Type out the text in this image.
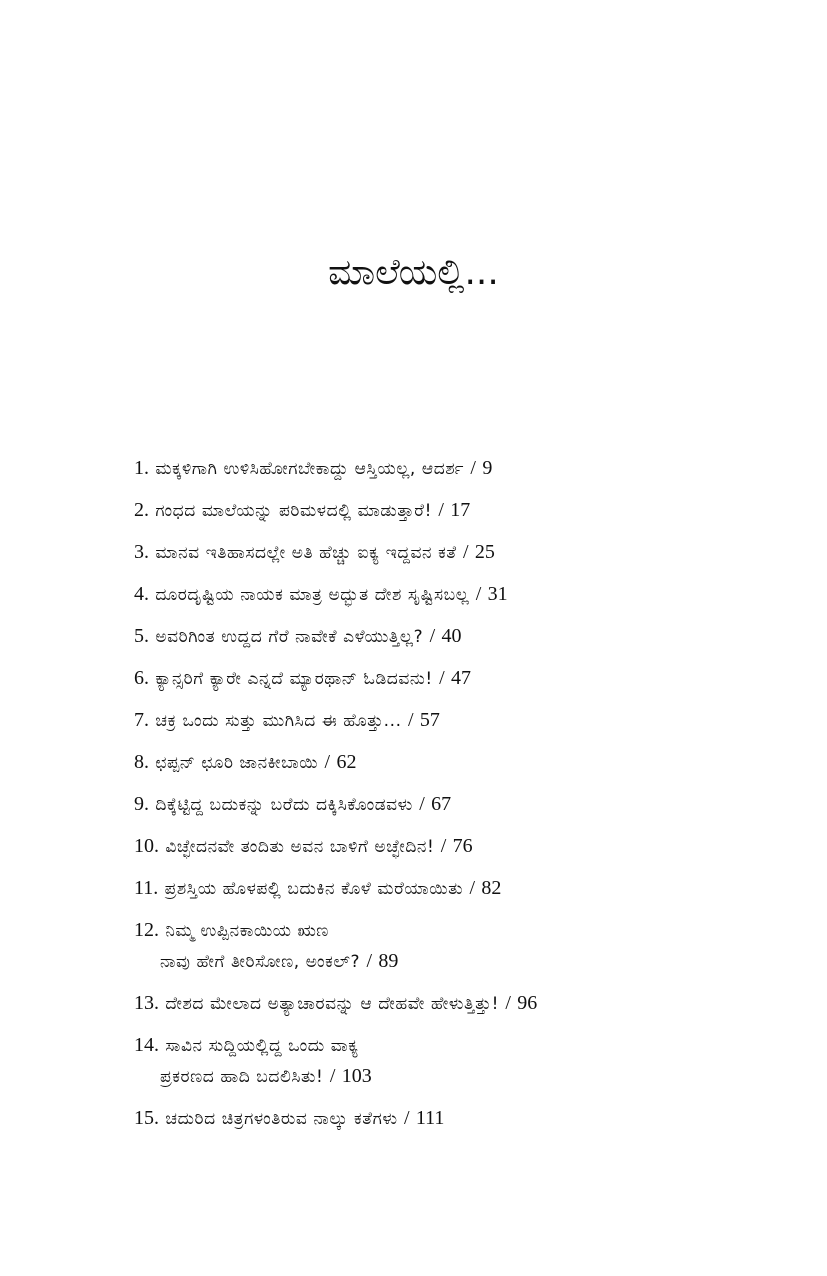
ಮಾಲೆಯಲ್ಲಿ...
1. ಮಕ್ಕಳಿಗಾಗಿ ಉಳಿಸಿಹೋಗಬೇಕಾದ್ದು ಆಸ್ತಿಯಲ್ಲ, ಆದರ್ಶ / 9
2. ಗಂಧದ ಮಾಲೆಯನ್ನು ಪರಿಮಳದಲ್ಲಿ ಮಾಡುತ್ತಾರೆ! / 17
3. ಮಾನವ ಇತಿಹಾಸದಲ್ಲೇ ಅತಿ ಹೆಚ್ಚು ಐಕ್ಯ ಇದ್ದವನ ಕತೆ / 25
4. ದೂರದೃಷ್ಟಿಯ ನಾಯಕ ಮಾತ್ರ ಅದ್ಭುತ ದೇಶ ಸೃಷ್ಟಿಸಬಲ್ಲ / 31
5. ಅವರಿಗಿಂತ ಉದ್ದದ ಗೆರೆ ನಾವೇಕೆ ಎಳೆಯುತ್ತಿಲ್ಲ? / 40
6. ಕ್ಯಾನ್ಸರಿಗೆ ಕ್ಯಾರೇ ಎನ್ನದೆ ಮ್ಯಾರಥಾನ್ ಓಡಿದವನು! / 47
7. ಚಕ್ರ ಒಂದು ಸುತ್ತು ಮುಗಿಸಿದ ಈ ಹೊತ್ತು... / 57
8. ಛಪ್ಪನ್ ಛೂರಿ ಜಾನಕೀಬಾಯಿ / 62
9. ದಿಕ್ಕೆಟ್ಟಿದ್ದ ಬದುಕನ್ನು ಬರೆದು ದಕ್ಕಿಸಿಕೊಂಡವಳು / 67
10. ವಿಚ್ಛೇದನವೇ ತಂದಿತು ಅವನ ಬಾಳಿಗೆ ಅಚ್ಛೇದಿನ! / 76
11. ಪ್ರಶಸ್ತಿಯ ಹೊಳಪಲ್ಲಿ ಬದುಕಿನ ಕೊಳೆ ಮರೆಯಾಯಿತು / 82
12. ನಿಮ್ಮ ಉಪ್ಪಿನಕಾಯಿಯ ಋಣ
ನಾವು ಹೇಗೆ ತೀರಿಸೋಣ, ಅಂಕಲ್? / 89
13. ದೇಶದ ಮೇಲಾದ ಅತ್ಯಾಚಾರವನ್ನು ಆ ದೇಹವೇ ಹೇಳುತ್ತಿತ್ತು! / 96
14. ಸಾವಿನ ಸುದ್ದಿಯಲ್ಲಿದ್ದ ಒಂದು ವಾಕ್ಯ
ಪ್ರಕರಣದ ಹಾದಿ ಬದಲಿಸಿತು! / 103
15. ಚದುರಿದ ಚಿತ್ರಗಳಂತಿರುವ ನಾಲ್ಕು ಕತೆಗಳು / 111
